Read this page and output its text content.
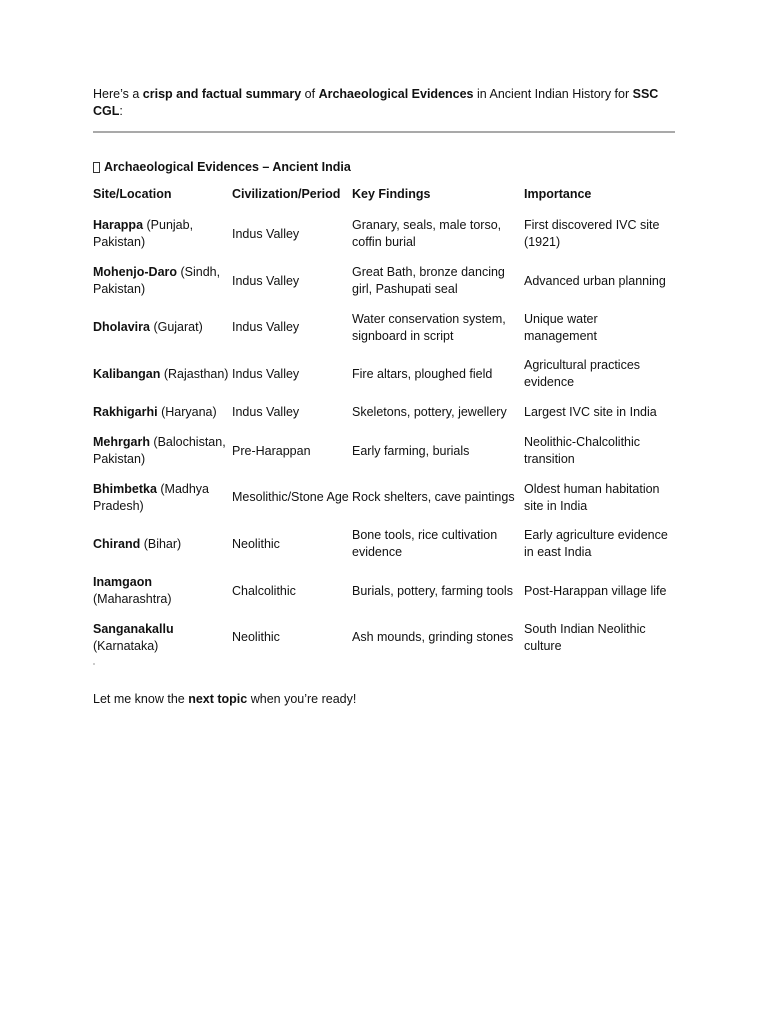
Here’s a crisp and factual summary of Archaeological Evidences in Ancient Indian History for SSC CGL:

Archaeological Evidences – Ancient India
Site/Location	Civilization/Period	Key Findings	Importance
Harappa (Punjab, Pakistan)	Indus Valley	Granary, seals, male torso, coffin burial	First discovered IVC site (1921)
Mohenjo-Daro (Sindh, Pakistan)	Indus Valley	Great Bath, bronze dancing girl, Pashupati seal	Advanced urban planning
Dholavira (Gujarat)	Indus Valley	Water conservation system, signboard in script	Unique water management
Kalibangan (Rajasthan)	Indus Valley	Fire altars, ploughed field	Agricultural practices evidence
Rakhigarhi (Haryana)	Indus Valley	Skeletons, pottery, jewellery	Largest IVC site in India
Mehrgarh (Balochistan, Pakistan)	Pre-Harappan	Early farming, burials	Neolithic-Chalcolithic transition
Bhimbetka (Madhya Pradesh)	Mesolithic/Stone Age	Rock shelters, cave paintings	Oldest human habitation site in India
Chirand (Bihar)	Neolithic	Bone tools, rice cultivation evidence	Early agriculture evidence in east India
Inamgaon (Maharashtra)	Chalcolithic	Burials, pottery, farming tools	Post-Harappan village life
Sanganakallu (Karnataka)	Neolithic	Ash mounds, grinding stones	South Indian Neolithic culture

Let me know the next topic when you’re ready!
